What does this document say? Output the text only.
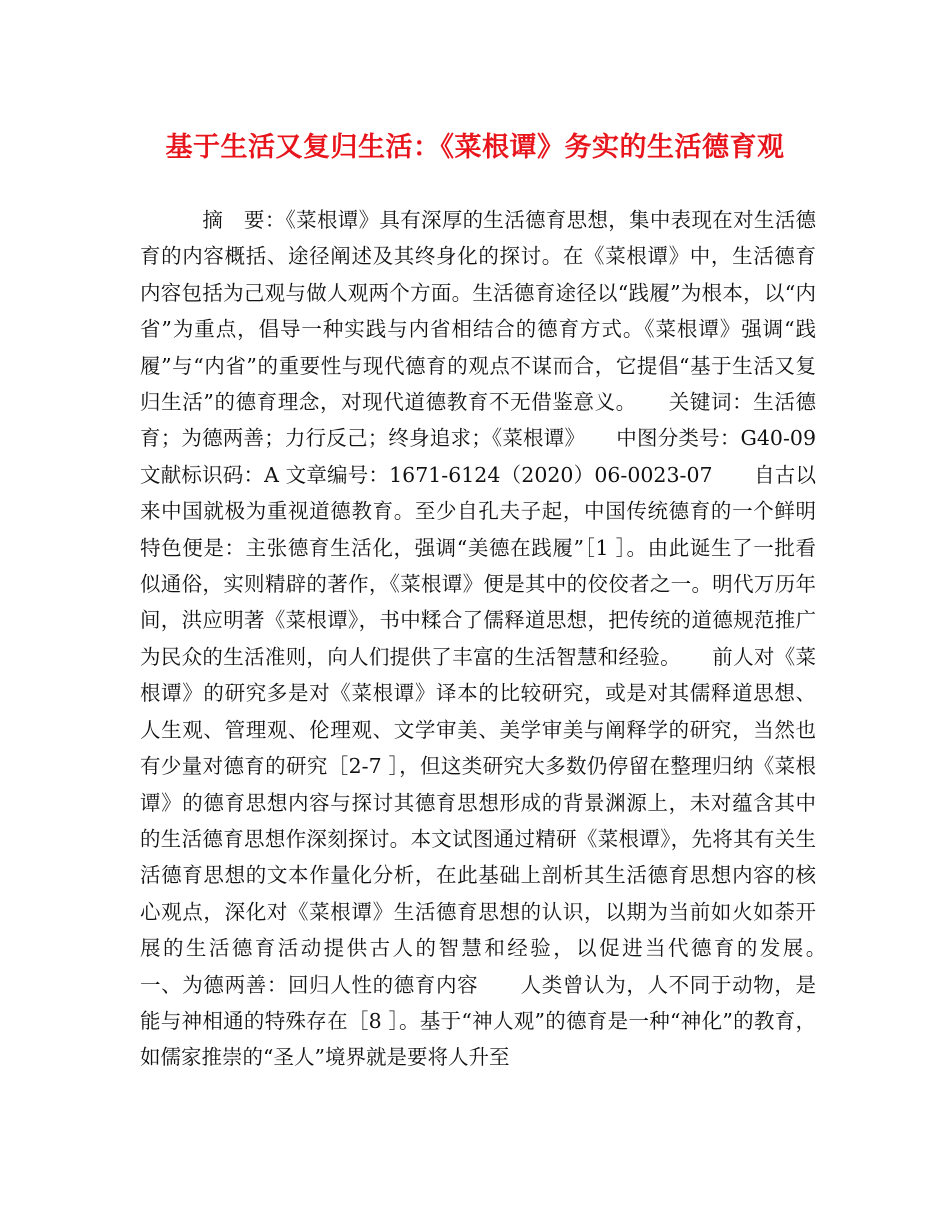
基于生活又复归生活：《菜根谭》务实的生活德育观

　　　摘　要：《菜根谭》具有深厚的生活德育思想，集中表现在对生活德育的内容概括、途径阐述及其终身化的探讨。在《菜根谭》中，生活德育内容包括为己观与做人观两个方面。生活德育途径以“践履”为根本，以“内省”为重点，倡导一种实践与内省相结合的德育方式。《菜根谭》强调“践履”与“内省”的重要性与现代德育的观点不谋而合，它提倡“基于生活又复归生活”的德育理念，对现代道德教育不无借鉴意义。　　关键词：生活德育；为德两善；力行反己；终身追求；《菜根谭》　　中图分类号：G40-09 文献标识码：A 文章编号：1671-6124（2020）06-0023-07　　自古以来中国就极为重视道德教育。至少自孔夫子起，中国传统德育的一个鲜明特色便是：主张德育生活化，强调“美德在践履”［1 ］。由此诞生了一批看似通俗，实则精辟的著作，《菜根谭》便是其中的佼佼者之一。明代万历年间，洪应明著《菜根谭》，书中糅合了儒释道思想，把传统的道德规范推广为民众的生活准则，向人们提供了丰富的生活智慧和经验。　　前人对《菜根谭》的研究多是对《菜根谭》译本的比较研究，或是对其儒释道思想、人生观、管理观、伦理观、文学审美、美学审美与阐释学的研究，当然也有少量对德育的研究［2-7 ］，但这类研究大多数仍停留在整理归纳《菜根谭》的德育思想内容与探讨其德育思想形成的背景渊源上，未对蕴含其中的生活德育思想作深刻探讨。本文试图通过精研《菜根谭》，先将其有关生活德育思想的文本作量化分析，在此基础上剖析其生活德育思想内容的核心观点，深化对《菜根谭》生活德育思想的认识，以期为当前如火如荼开展的生活德育活动提供古人的智慧和经验，以促进当代德育的发展。　　一、为德两善：回归人性的德育内容　　人类曾认为，人不同于动物，是能与神相通的特殊存在［8 ］。基于“神人观”的德育是一种“神化”的教育，如儒家推崇的“圣人”境界就是要将人升至
